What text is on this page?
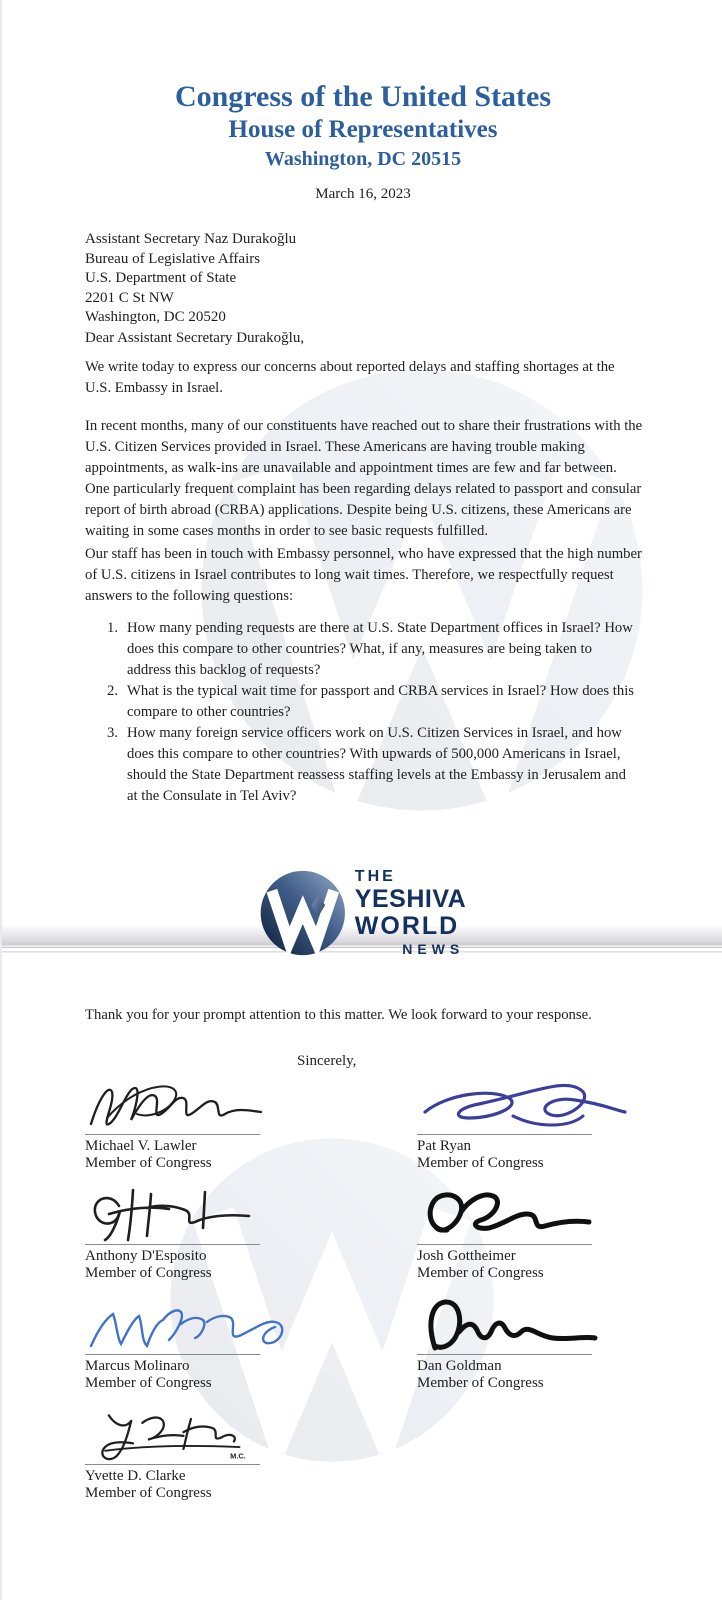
Congress of the United States
House of Representatives
Washington, DC 20515
March 16, 2023
Assistant Secretary Naz Durakoğlu
Bureau of Legislative Affairs
U.S. Department of State
2201 C St NW
Washington, DC 20520
Dear Assistant Secretary Durakoğlu,

We write today to express our concerns about reported delays and staffing shortages at the U.S. Embassy in Israel.

In recent months, many of our constituents have reached out to share their frustrations with the U.S. Citizen Services provided in Israel. These Americans are having trouble making appointments, as walk-ins are unavailable and appointment times are few and far between. One particularly frequent complaint has been regarding delays related to passport and consular report of birth abroad (CRBA) applications. Despite being U.S. citizens, these Americans are waiting in some cases months in order to see basic requests fulfilled.

Our staff has been in touch with Embassy personnel, who have expressed that the high number of U.S. citizens in Israel contributes to long wait times. Therefore, we respectfully request answers to the following questions:

1. How many pending requests are there at U.S. State Department offices in Israel? How does this compare to other countries? What, if any, measures are being taken to address this backlog of requests?
2. What is the typical wait time for passport and CRBA services in Israel? How does this compare to other countries?
3. How many foreign service officers work on U.S. Citizen Services in Israel, and how does this compare to other countries? With upwards of 500,000 Americans in Israel, should the State Department reassess staffing levels at the Embassy in Jerusalem and at the Consulate in Tel Aviv?
THE
YESHIVA
WORLD
NEWS

Thank you for your prompt attention to this matter. We look forward to your response.

Sincerely,
Michael V. Lawler
Member of Congress
Pat Ryan
Member of Congress
Anthony D'Esposito
Member of Congress
Josh Gottheimer
Member of Congress
Marcus Molinaro
Member of Congress
Dan Goldman
Member of Congress
M.C.
Yvette D. Clarke
Member of Congress
